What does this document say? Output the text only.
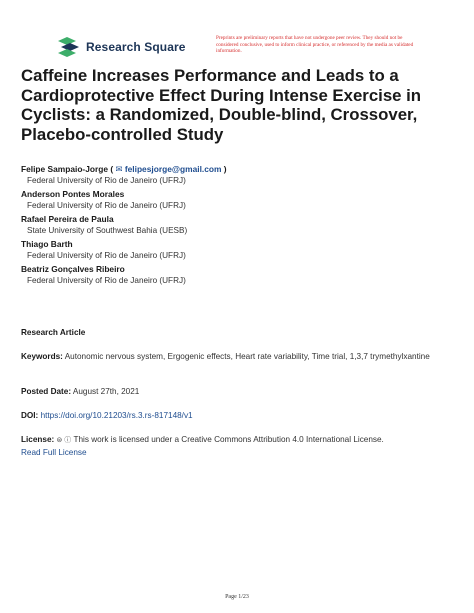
Research Square
Preprints are preliminary reports that have not undergone peer review. They should not be considered conclusive, used to inform clinical practice, or referenced by the media as validated information.
Caffeine Increases Performance and Leads to a Cardioprotective Effect During Intense Exercise in Cyclists: a Randomized, Double-blind, Crossover, Placebo-controlled Study
Felipe Sampaio-Jorge ( ✉ felipesjorge@gmail.com )
Federal University of Rio de Janeiro (UFRJ)
Anderson Pontes Morales
Federal University of Rio de Janeiro (UFRJ)
Rafael Pereira de Paula
State University of Southwest Bahia (UESB)
Thiago Barth
Federal University of Rio de Janeiro (UFRJ)
Beatriz Gonçalves Ribeiro
Federal University of Rio de Janeiro (UFRJ)
Research Article
Keywords: Autonomic nervous system, Ergogenic effects, Heart rate variability, Time trial, 1,3,7 trymethylxantine
Posted Date: August 27th, 2021
DOI: https://doi.org/10.21203/rs.3.rs-817148/v1
License: ⊜ ⓘ This work is licensed under a Creative Commons Attribution 4.0 International License.
Read Full License
Page 1/23
